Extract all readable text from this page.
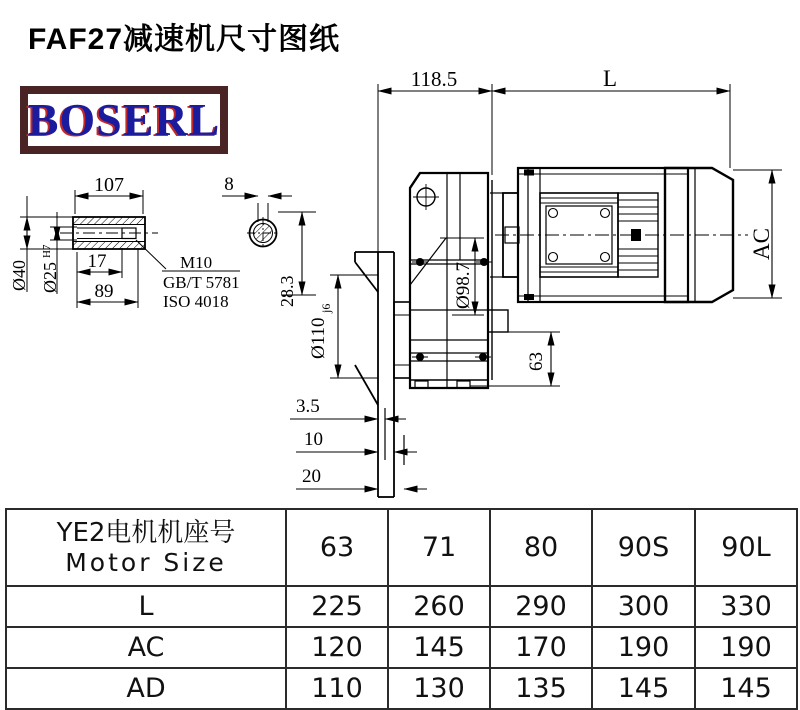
FAF27减速机尺寸图纸
BOSERL
107
17
89
Ø40 Ø25
H7
M10
GB/T 5781
ISO 4018
8
28.3
118.5	L
AC
Ø98.7
Ø110
j6
63
3.5
10
20
YE2电机机座号
Motor Size	63	71	80	90S	90L
L	225	260	290	300	330
AC	120	145	170	190	190
AD	110	130	135	145	145
